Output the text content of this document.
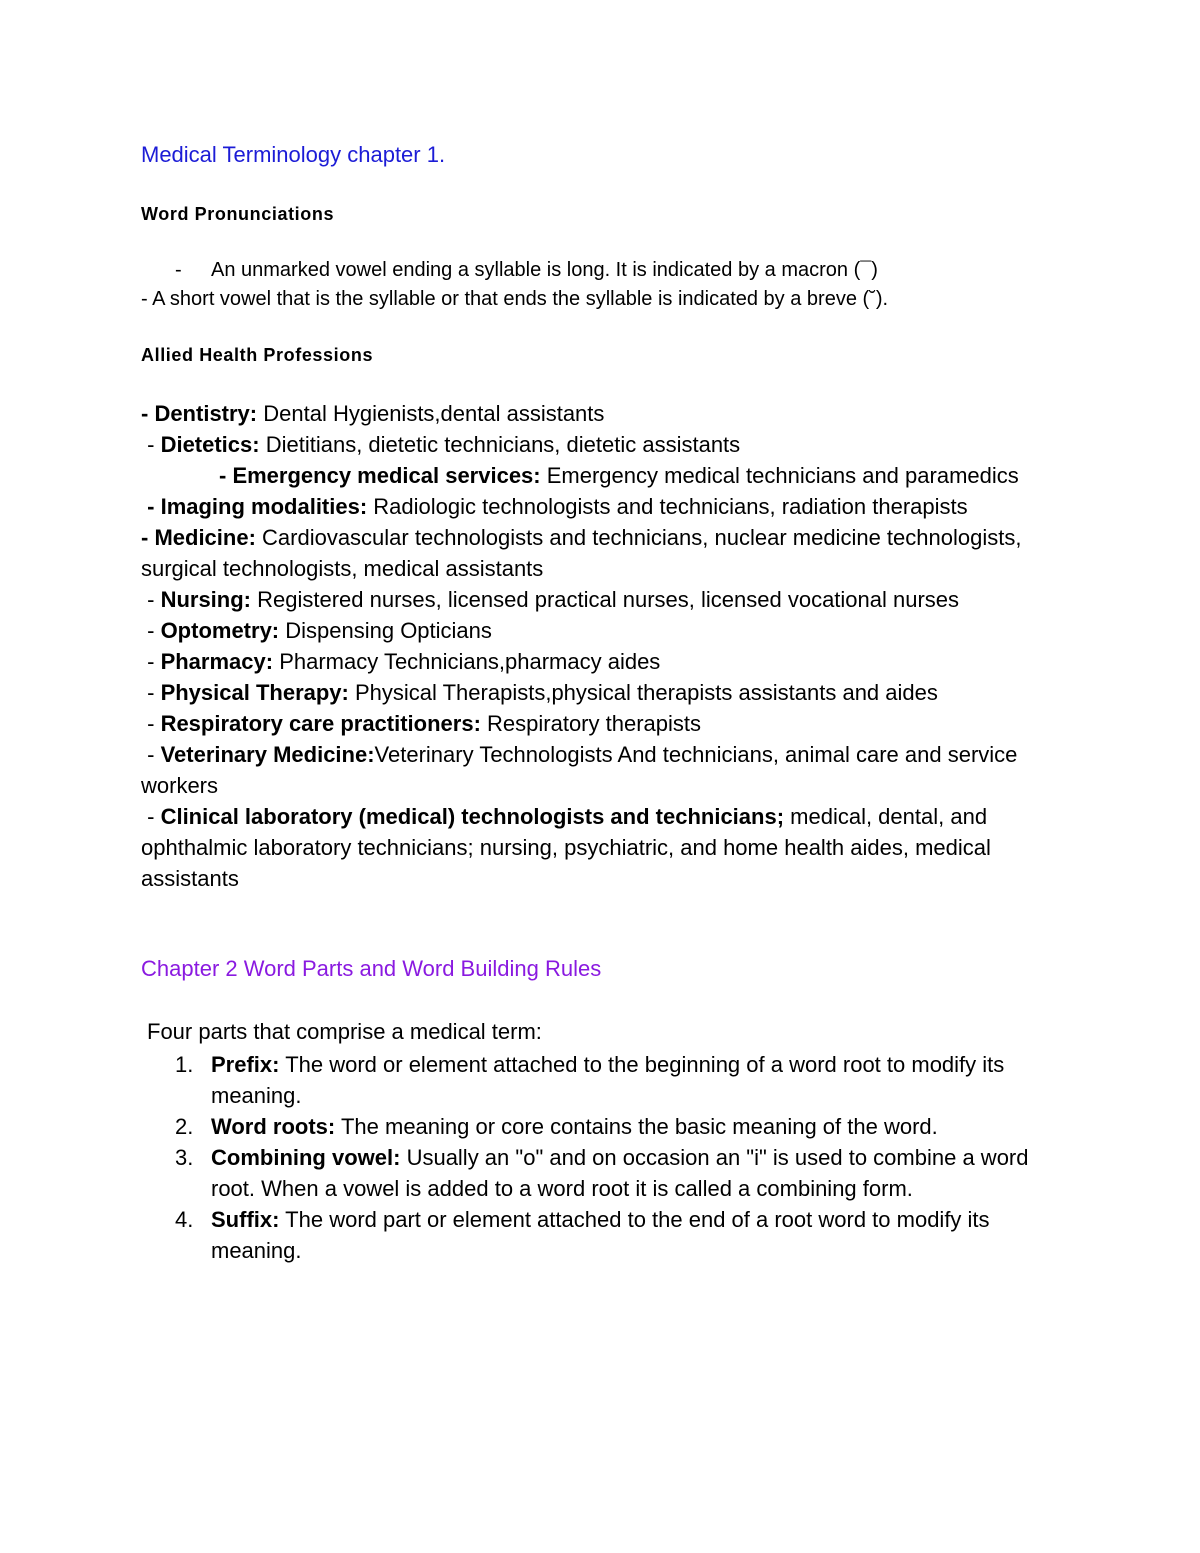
Medical Terminology chapter 1.
Word Pronunciations
- An unmarked vowel ending a syllable is long. It is indicated by a macron (¯)
- A short vowel that is the syllable or that ends the syllable is indicated by a breve (˘).
Allied Health Professions
- Dentistry: Dental Hygienists,dental assistants
- Dietetics: Dietitians, dietetic technicians, dietetic assistants
- Emergency medical services: Emergency medical technicians and paramedics
- Imaging modalities: Radiologic technologists and technicians, radiation therapists
- Medicine: Cardiovascular technologists and technicians, nuclear medicine technologists, surgical technologists, medical assistants
- Nursing: Registered nurses, licensed practical nurses, licensed vocational nurses
- Optometry: Dispensing Opticians
- Pharmacy: Pharmacy Technicians,pharmacy aides
- Physical Therapy: Physical Therapists,physical therapists assistants and aides
- Respiratory care practitioners: Respiratory therapists
- Veterinary Medicine:Veterinary Technologists And technicians, animal care and service workers
- Clinical laboratory (medical) technologists and technicians; medical, dental, and ophthalmic laboratory technicians; nursing, psychiatric, and home health aides, medical assistants
Chapter 2 Word Parts and Word Building Rules
Four parts that comprise a medical term:
1. Prefix: The word or element attached to the beginning of a word root to modify its meaning.
2. Word roots: The meaning or core contains the basic meaning of the word.
3. Combining vowel: Usually an "o" and on occasion an "i" is used to combine a word root. When a vowel is added to a word root it is called a combining form.
4. Suffix: The word part or element attached to the end of a root word to modify its meaning.
